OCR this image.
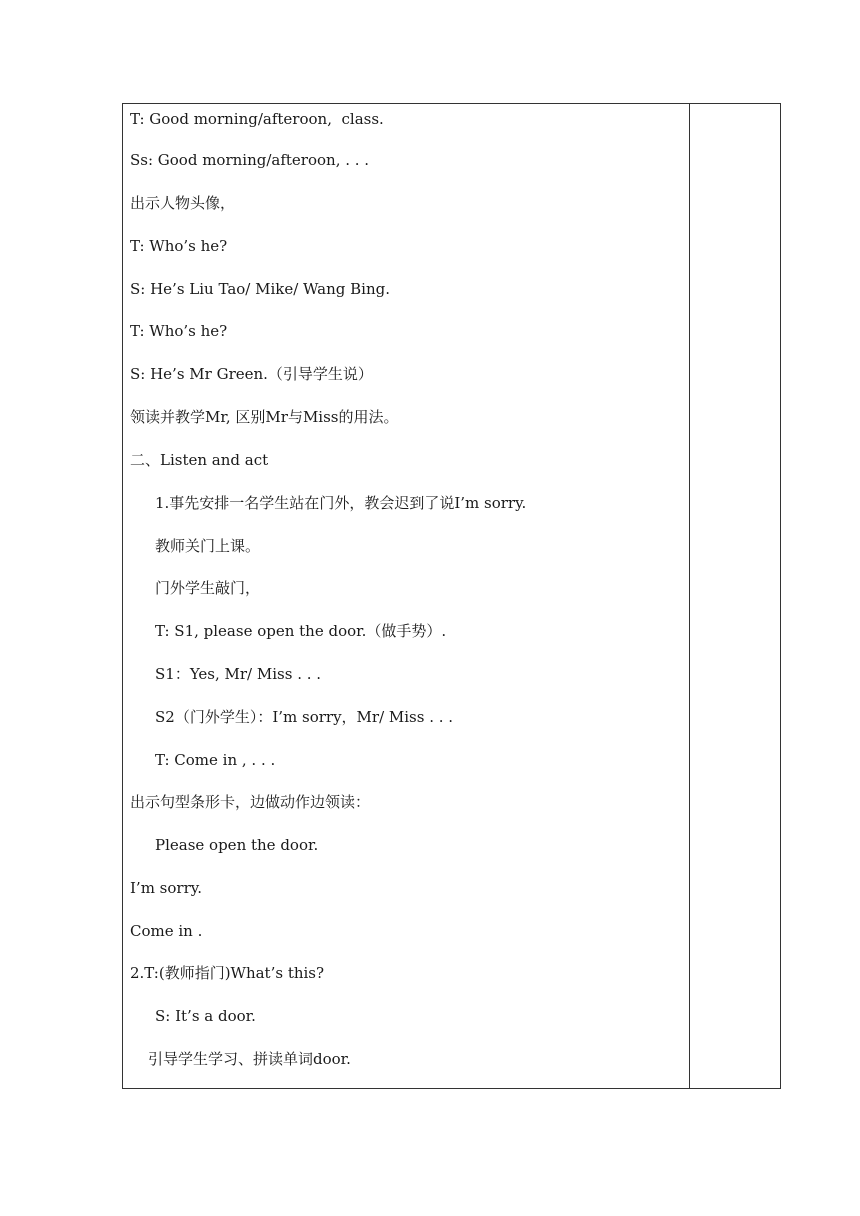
T: Good morning/afteroon,  class.
Ss: Good morning/afteroon, . . .
出示人物头像，
T: Who’s he?
S: He’s Liu Tao/ Mike/ Wang Bing.
T: Who’s he?
S: He’s Mr Green.（引导学生说）
领读并教学Mr, 区别Mr与Miss的用法。
二、Listen and act
1.事先安排一名学生站在门外，教会迟到了说I’m sorry.
教师关门上课。
门外学生敲门，
T: S1, please open the door.（做手势）.
S1：Yes, Mr/ Miss . . .
S2（门外学生）：I’m sorry，Mr/ Miss . . .
T: Come in , . . .
出示句型条形卡，边做动作边领读：
Please open the door.
I’m sorry.
Come in .
2.T:(教师指门)What’s this?
S: It’s a door.
引导学生学习、拼读单词door.
